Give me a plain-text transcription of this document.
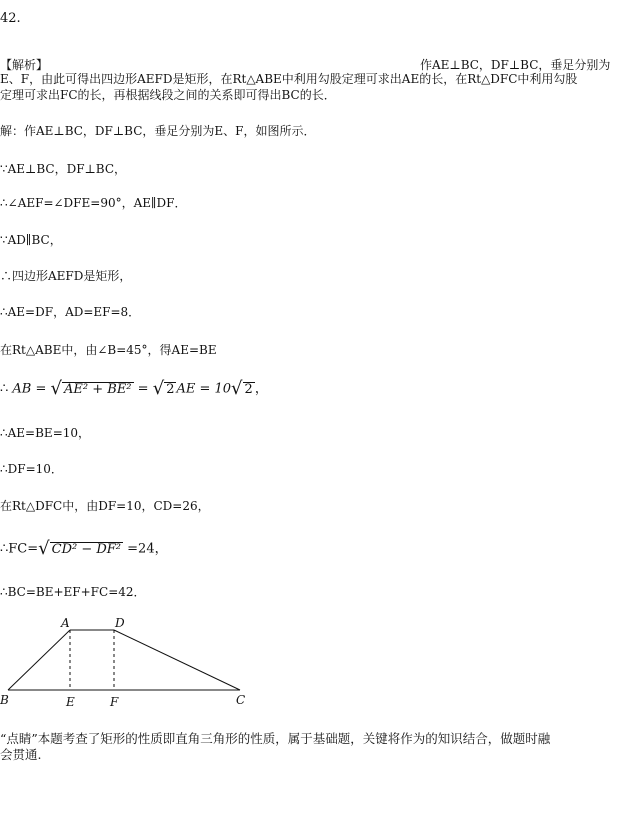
42.
【解析】	作AE⊥BC，DF⊥BC，垂足分别为
E、F，由此可得出四边形AEFD是矩形，在Rt△ABE中利用勾股定理可求出AE的长，在Rt△DFC中利用勾股
定理可求出FC的长，再根据线段之间的关系即可得出BC的长．
解：作AE⊥BC，DF⊥BC，垂足分别为E、F，如图所示．
∵AE⊥BC，DF⊥BC，
∴∠AEF=∠DFE=90°，AE∥DF．
∵AD∥BC，
∴四边形AEFD是矩形，
∴AE=DF，AD=EF=8．
在Rt△ABE中，由∠B=45°，得AE=BE
∴ AB = √ AE² + BE² = √ 2 AE = 10√ 2 ，
∴AE=BE=10，
∴DF=10．
在Rt△DFC中，由DF=10，CD=26，
∴FC=√ CD² − DF² =24，
∴BC=BE+EF+FC=42．
A	D
B	E	F	C
“点睛”本题考查了矩形的性质即直角三角形的性质，属于基础题，关键将作为的知识结合，做题时融
会贯通.
